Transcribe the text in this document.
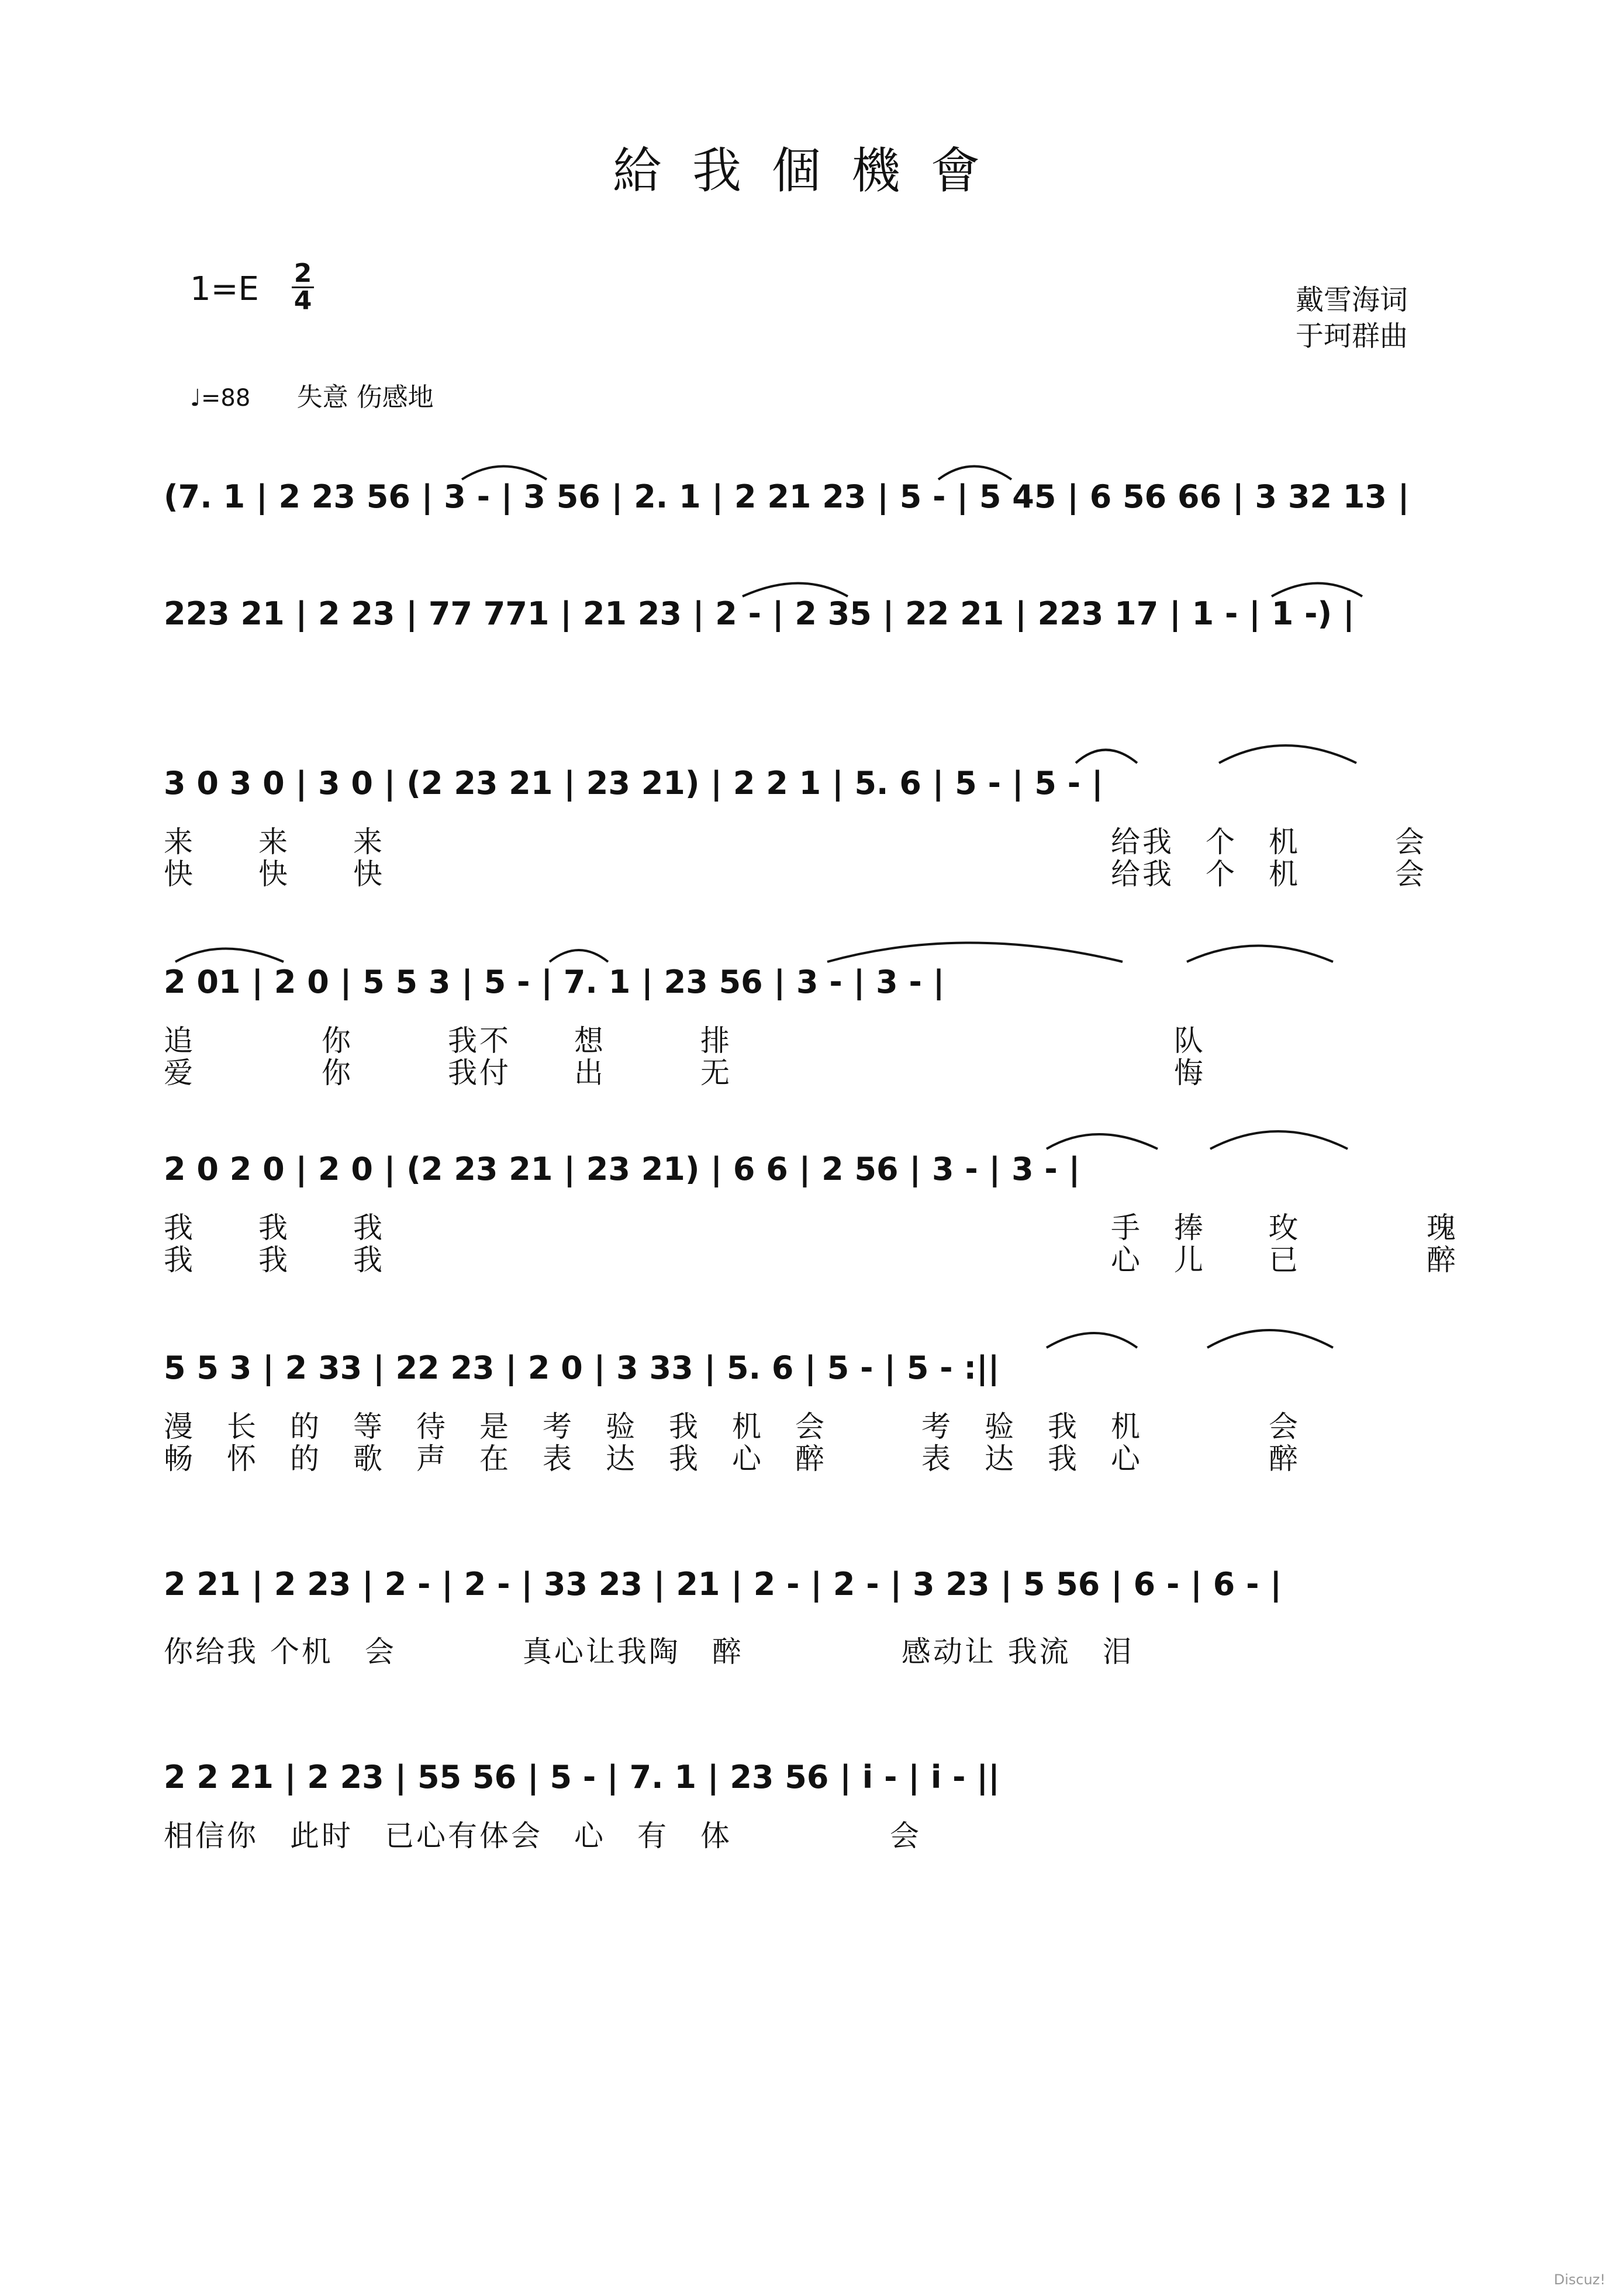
給我個機會
1=E 2
4	戴雪海词
于珂群曲
♩=88 失意 伤感地
(7. 1 | 2 23 56 | 3 - | 3 56 | 2. 1 | 2 21 23 | 5 - | 5 45 | 6 56 66 | 3 32 13 |
223 21 | 2 23 | 77 771 | 21 23 | 2 - | 2 35 | 22 21 | 223 17 | 1 - | 1 -) |
3 0 3 0 | 3 0 | (2 23 21 | 23 21) | 2 2 1 | 5. 6 | 5 - | 5 - |
来　　来　　来　　　　　　　　　　　　　　　　　　　　　　　给我　个　机　　　会
快　　快　　快　　　　　　　　　　　　　　　　　　　　　　　给我　个　机　　　会
2 01 | 2 0 | 5 5 3 | 5 - | 7. 1 | 23 56 | 3 - | 3 - |
追　　　　你　　　我不　　想　　　排　　　　　　　　　　　　　　队
爱　　　　你　　　我付　　出　　　无　　　　　　　　　　　　　　悔
2 0 2 0 | 2 0 | (2 23 21 | 23 21) | 6 6 | 2 56 | 3 - | 3 - |
我　　我　　我　　　　　　　　　　　　　　　　　　　　　　　手　捧　　玫　　　　瑰
我　　我　　我　　　　　　　　　　　　　　　　　　　　　　　心　儿　　已　　　　醉
5 5 3 | 2 33 | 22 23 | 2 0 | 3 33 | 5. 6 | 5 - | 5 - :||
漫　长　的　等　待　是　考　验　我　机　会　　　考　验　我　机　　　　会
畅　怀　的　歌　声　在　表　达　我　心　醉　　　表　达　我　心　　　　醉
2 21 | 2 23 | 2 - | 2 - | 33 23 | 21 | 2 - | 2 - | 3 23 | 5 56 | 6 - | 6 - |
你给我 个机　会　　　　真心让我陶　醉　　　　　感动让 我流　泪
2 2 21 | 2 23 | 55 56 | 5 - | 7. 1 | 23 56 | i - | i - ||
相信你　此时　已心有体会　心　有　体　　　　　会
Discuz!
